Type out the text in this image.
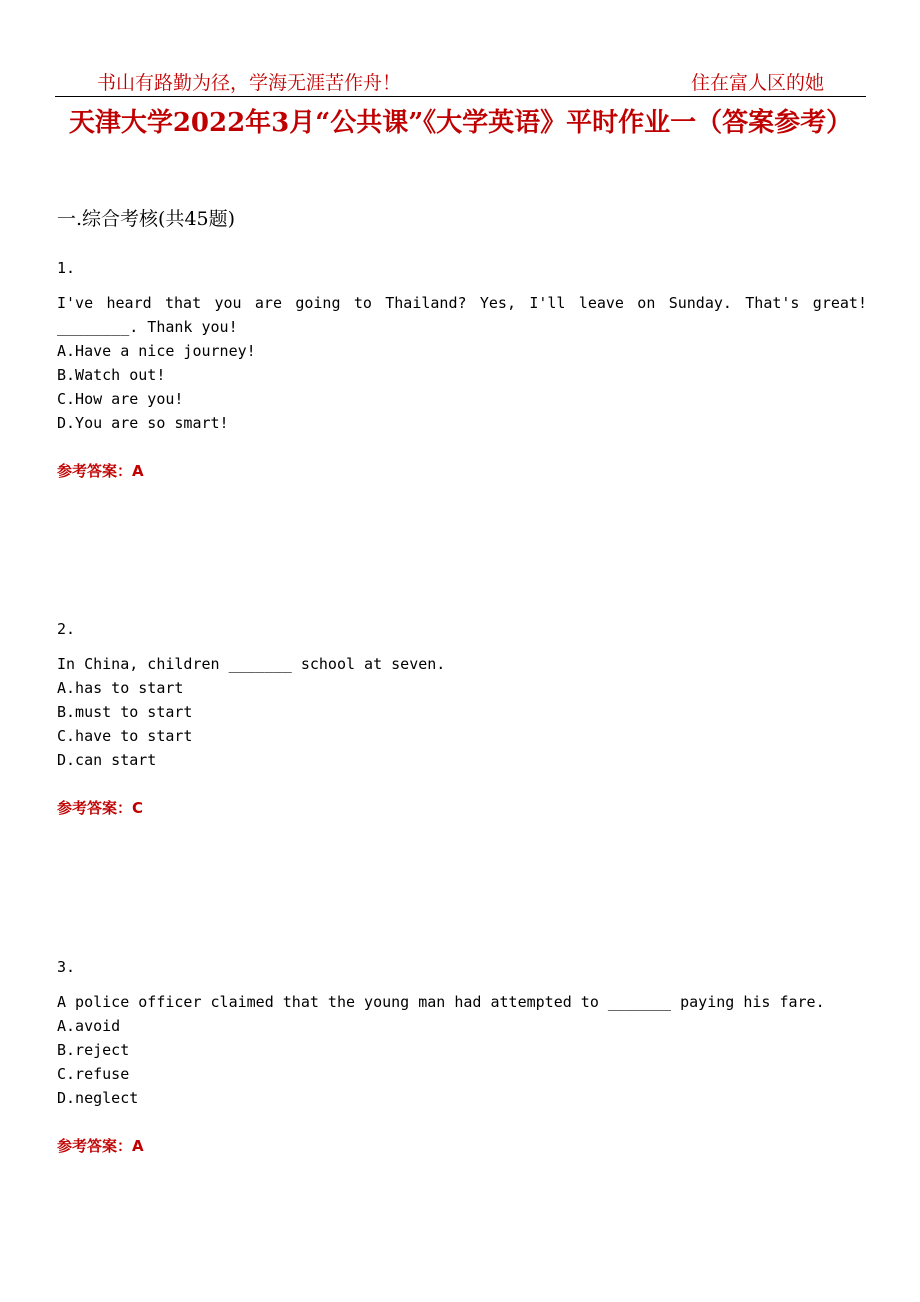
书山有路勤为径，学海无涯苦作舟！	住在富人区的她
天津大学2022年3月“公共课”《大学英语》平时作业一（答案参考）
一.综合考核(共45题)
1.
I've heard that you are going to Thailand? Yes, I'll leave on Sunday. That's great! ________. Thank you!
A.Have a nice journey!
B.Watch out!
C.How are you!
D.You are so smart!
参考答案：A
2.
In China, children _______ school at seven.
A.has to start
B.must to start
C.have to start
D.can start
参考答案：C
3.
A police officer claimed that the young man had attempted to _______ paying his fare.
A.avoid
B.reject
C.refuse
D.neglect
参考答案：A
